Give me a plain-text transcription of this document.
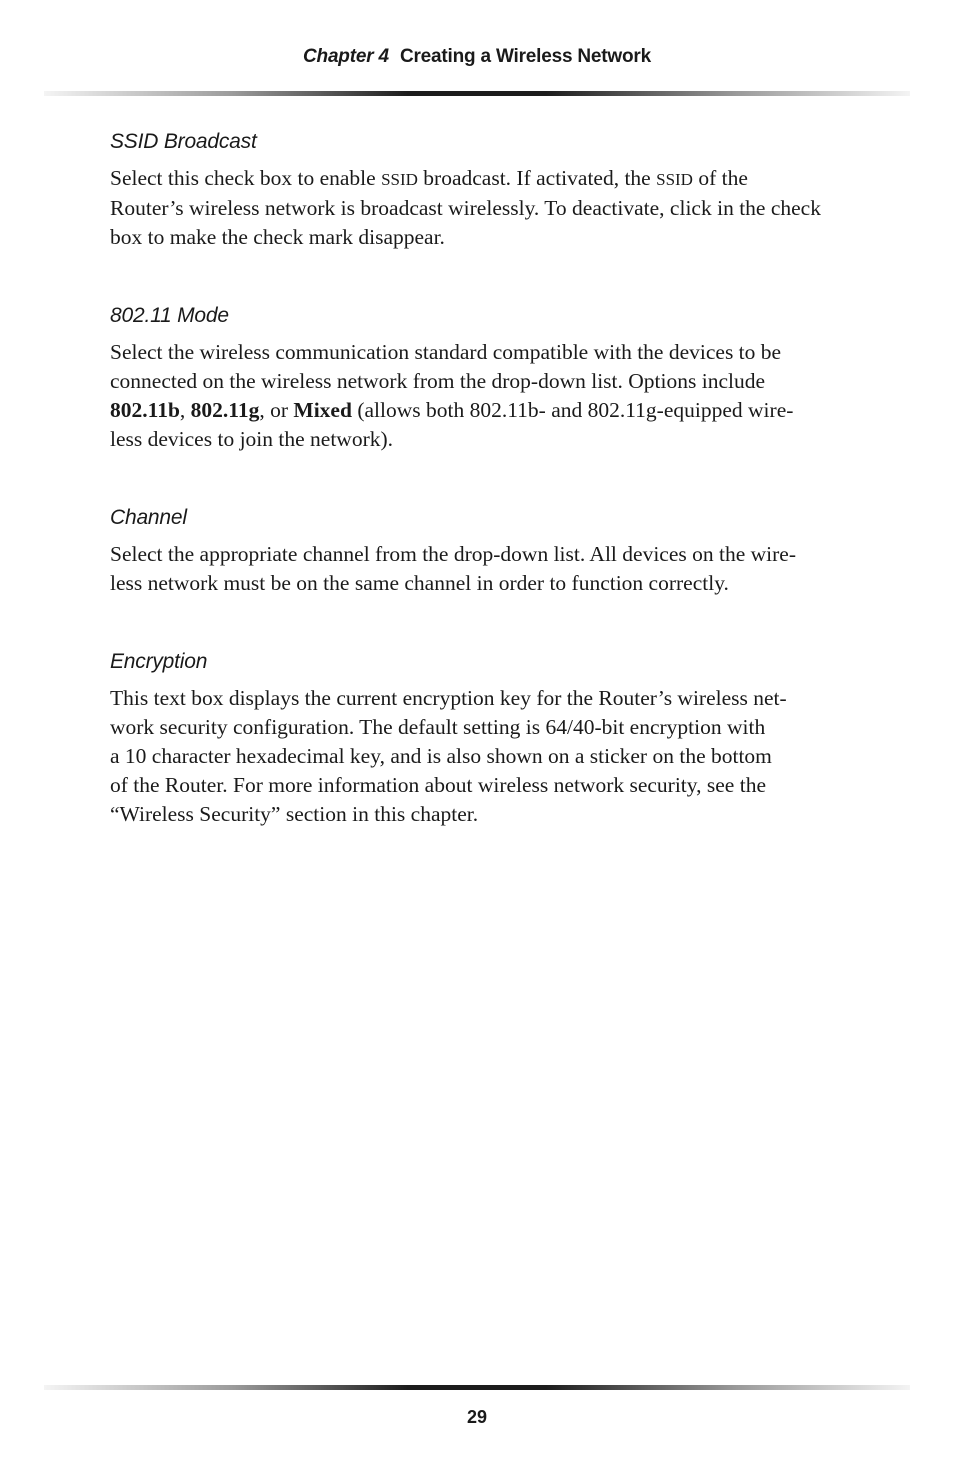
Chapter 4 Creating a Wireless Network
SSID Broadcast

Select this check box to enable SSID broadcast. If activated, the SSID of the
Router’s wireless network is broadcast wirelessly. To deactivate, click in the check
box to make the check mark disappear.

802.11 Mode

Select the wireless communication standard compatible with the devices to be
connected on the wireless network from the drop-down list. Options include
802.11b, 802.11g, or Mixed (allows both 802.11b- and 802.11g-equipped wire-
less devices to join the network).

Channel

Select the appropriate channel from the drop-down list. All devices on the wire-
less network must be on the same channel in order to function correctly.

Encryption

This text box displays the current encryption key for the Router’s wireless net-
work security configuration. The default setting is 64/40-bit encryption with
a 10 character hexadecimal key, and is also shown on a sticker on the bottom
of the Router. For more information about wireless network security, see the
“Wireless Security” section in this chapter.

29
